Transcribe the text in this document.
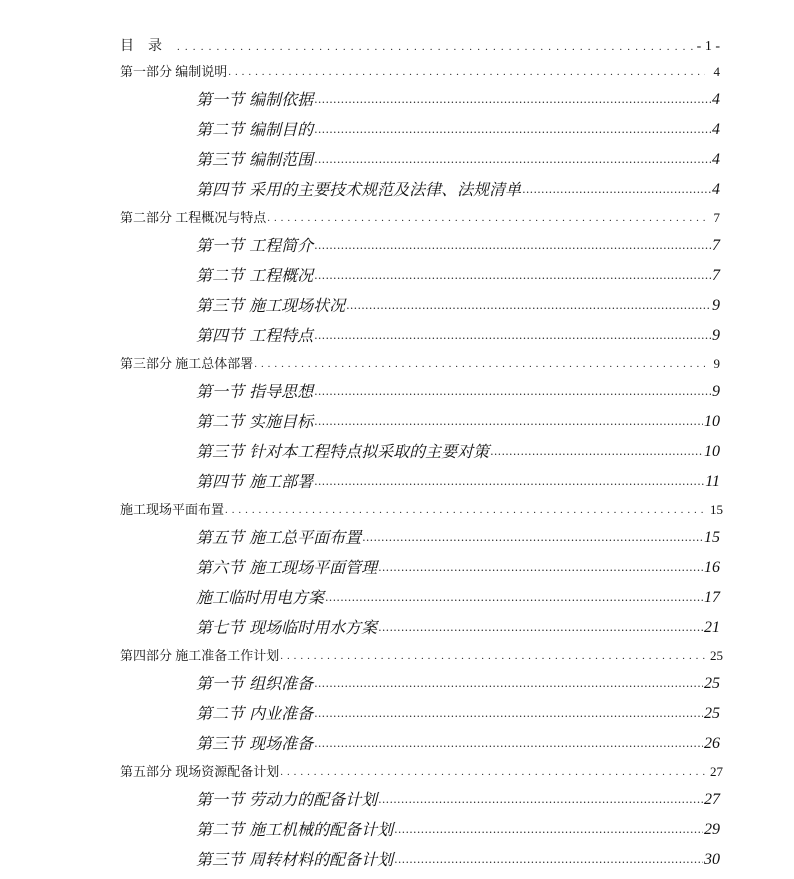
目录 . . .	- 1 -
第一部分 编制说明 . . .	4
第一节 编制依据 . . .	4
第二节 编制目的 . . .	4
第三节 编制范围 . . .	4
第四节 采用的主要技术规范及法律、法规清单 . . .	4
第二部分 工程概况与特点 . . .	7
第一节 工程简介 . . .	7
第二节 工程概况 . . .	7
第三节 施工现场状况 . . .	9
第四节 工程特点 . . .	9
第三部分 施工总体部署 . . .	9
第一节 指导思想 . . .	9
第二节 实施目标 . . .	10
第三节 针对本工程特点拟采取的主要对策 . . .	10
第四节 施工部署 . . .	11
施工现场平面布置 . . .	15
第五节 施工总平面布置 . . .	15
第六节 施工现场平面管理 . . .	16
施工临时用电方案 . . .	17
第七节 现场临时用水方案 . . .	21
第四部分 施工准备工作计划 . . .	25
第一节 组织准备 . . .	25
第二节 内业准备 . . .	25
第三节 现场准备 . . .	26
第五部分 现场资源配备计划 . . .	27
第一节 劳动力的配备计划 . . .	27
第二节 施工机械的配备计划 . . .	29
第三节 周转材料的配备计划 . . .	30
